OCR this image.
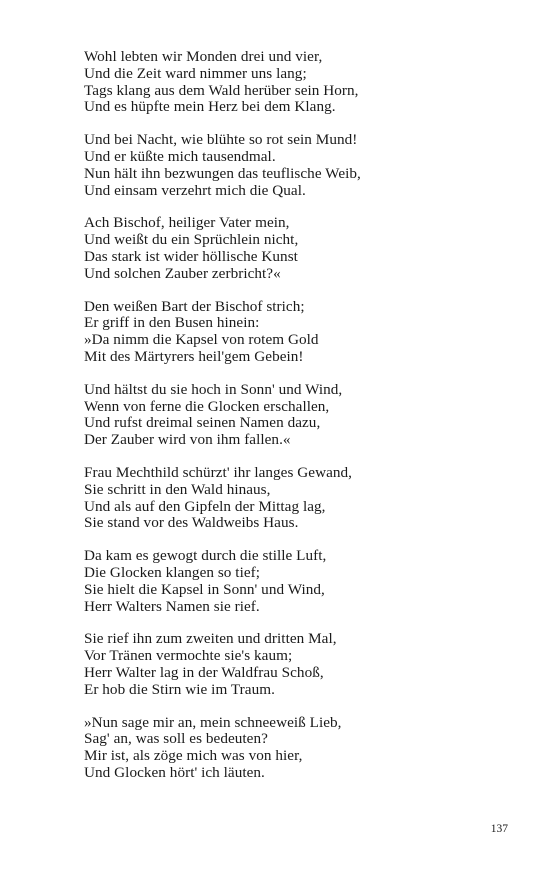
Wohl lebten wir Monden drei und vier,
Und die Zeit ward nimmer uns lang;
Tags klang aus dem Wald herüber sein Horn,
Und es hüpfte mein Herz bei dem Klang.
Und bei Nacht, wie blühte so rot sein Mund!
Und er küßte mich tausendmal.
Nun hält ihn bezwungen das teuflische Weib,
Und einsam verzehrt mich die Qual.
Ach Bischof, heiliger Vater mein,
Und weißt du ein Sprüchlein nicht,
Das stark ist wider höllische Kunst
Und solchen Zauber zerbricht?«
Den weißen Bart der Bischof strich;
Er griff in den Busen hinein:
»Da nimm die Kapsel von rotem Gold
Mit des Märtyrers heil'gem Gebein!
Und hältst du sie hoch in Sonn' und Wind,
Wenn von ferne die Glocken erschallen,
Und rufst dreimal seinen Namen dazu,
Der Zauber wird von ihm fallen.«
Frau Mechthild schürzt' ihr langes Gewand,
Sie schritt in den Wald hinaus,
Und als auf den Gipfeln der Mittag lag,
Sie stand vor des Waldweibs Haus.
Da kam es gewogt durch die stille Luft,
Die Glocken klangen so tief;
Sie hielt die Kapsel in Sonn' und Wind,
Herr Walters Namen sie rief.
Sie rief ihn zum zweiten und dritten Mal,
Vor Tränen vermochte sie's kaum;
Herr Walter lag in der Waldfrau Schoß,
Er hob die Stirn wie im Traum.
»Nun sage mir an, mein schneeweiß Lieb,
Sag' an, was soll es bedeuten?
Mir ist, als zöge mich was von hier,
Und Glocken hört' ich läuten.
137
